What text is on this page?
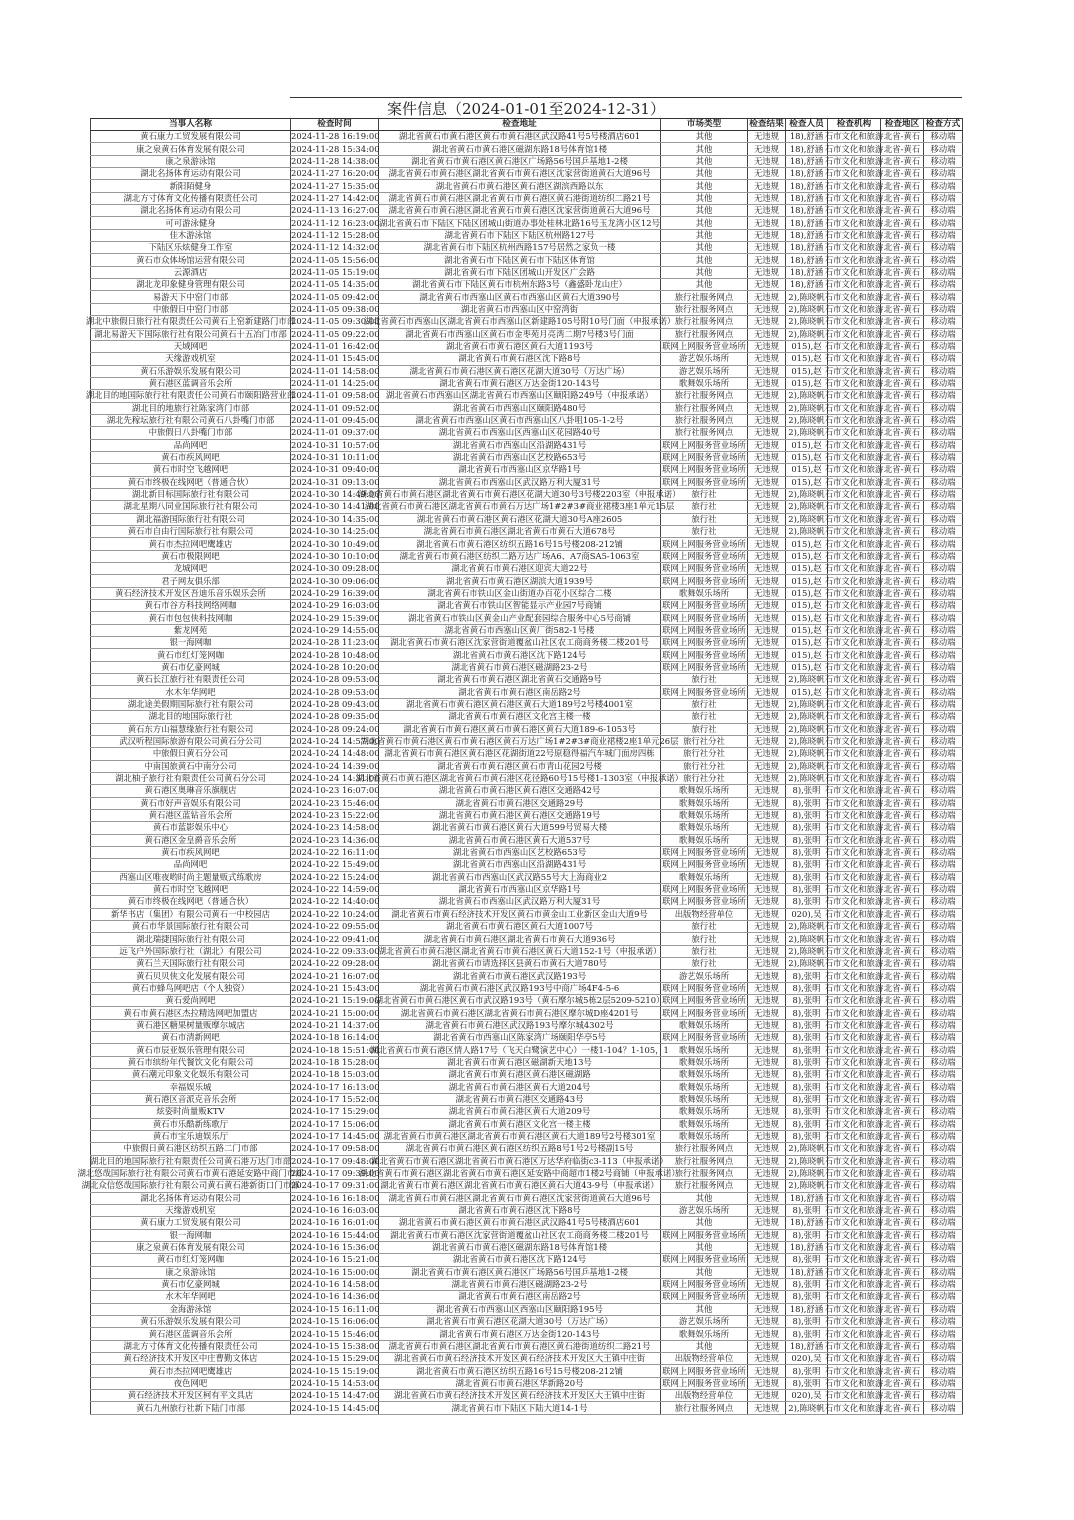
案件信息（2024-01-01至2024-12-31）
当事人名称	检查时间	检查地址	市场类型	检查结果	检查人员	检查机构	检查地区	检查方式

黄石康力工贸发展有限公司	2024-11-28 16:19:00	湖北省黄石市黄石港区黄石市黄石港区武汉路41号5号楼酒店601	其他	无违规	18),舒涵	石市文化和旅游	北省-黄石	移动端

康之泉黄石体育发展有限公司	2024-11-28 15:34:00	湖北省黄石市黄石港区磁湖东路18号体育馆1楼	其他	无违规	18),舒涵	石市文化和旅游	北省-黄石	移动端

康之泉游泳馆	2024-11-28 14:38:00	湖北省黄石市黄石港区黄石港区广场路56号国乒基地1-2楼	其他	无违规	18),舒涵	石市文化和旅游	北省-黄石	移动端

湖北名扬体育运动有限公司	2024-11-27 16:20:00	湖北省黄石市黄石港区湖北省黄石市黄石港区沈家营街道黄石大道96号	其他	无违规	18),舒涵	石市文化和旅游	北省-黄石	移动端

新阳陌健身	2024-11-27 15:35:00	湖北省黄石市黄石港区黄石港区湖滨西路以东	其他	无违规	18),舒涵	石市文化和旅游	北省-黄石	移动端

湖北方寸体育文化传播有限责任公司	2024-11-27 14:42:00	湖北省黄石市黄石港区湖北省黄石市黄石港区黄石港街道纺织二路21号	其他	无违规	18),舒涵	石市文化和旅游	北省-黄石	移动端

湖北名扬体育运动有限公司	2024-11-13 16:27:00	湖北省黄石市黄石港区湖北省黄石市黄石港区沈家营街道黄石大道96号	其他	无违规	18),舒涵	石市文化和旅游	北省-黄石	移动端

可可游泳健身	2024-11-12 16:23:00	湖北省黄石市下陆区下陆区团城山街道办事处桂林北路16号玉龙湾小区12号	其他	无违规	18),舒涵	石市文化和旅游	北省-黄石	移动端

佳木游泳馆	2024-11-12 15:28:00	湖北省黄石市下陆区下陆区杭州路127号	其他	无违规	18),舒涵	石市文化和旅游	北省-黄石	移动端

下陆区乐炫健身工作室	2024-11-12 14:32:00	湖北省黄石市下陆区杭州西路157号居然之家负一楼	其他	无违规	18),舒涵	石市文化和旅游	北省-黄石	移动端

黄石市众体场馆运营有限公司	2024-11-05 15:56:00	湖北省黄石市下陆区黄石市下陆区体育馆	其他	无违规	18),舒涵	石市文化和旅游	北省-黄石	移动端

云源酒店	2024-11-05 15:19:00	湖北省黄石市下陆区团城山开发区广会路	其他	无违规	18),舒涵	石市文化和旅游	北省-黄石	移动端

湖北龙印象健身管理有限公司	2024-11-05 14:35:00	湖北省黄石市下陆区黄石市杭州东路3号（鑫盛卧龙山庄）	其他	无违规	18),舒涵	石市文化和旅游	北省-黄石	移动端

易游天下中窑门市部	2024-11-05 09:42:00	湖北省黄石市西塞山区黄石市西塞山区黄石大道390号	旅行社服务网点	无违规	2),陈晓帆	石市文化和旅游	北省-黄石	移动端

中旅假日中窑门市部	2024-11-05 09:38:00	湖北省黄石市西塞山区中窑湾街	旅行社服务网点	无违规	2),陈晓帆	石市文化和旅游	北省-黄石	移动端

湖北中旅假日旅行社有限责任公司黄石上窑新建路门市部	2024-11-05 09:30:00	湖北省黄石市西塞山区湖北省黄石市西塞山区新建路105号附10号门面（申报承诺）	旅行社服务网点	无违规	2),陈晓帆	石市文化和旅游	北省-黄石	移动端

湖北易游天下国际旅行社有限公司黄石十五冶门市部	2024-11-05 09:22:00	湖北省黄石市西塞山区黄石市金枣苑月亮湾二期7号楼3号门面	旅行社服务网点	无违规	2),陈晓帆	石市文化和旅游	北省-黄石	移动端

天域网吧	2024-11-01 16:42:00	湖北省黄石市黄石港区黄石大道1193号	联网上网服务营业场所	无违规	015),赵	石市文化和旅游	北省-黄石	移动端

天缘游戏机室	2024-11-01 15:45:00	湖北省黄石市黄石港区沈下路8号	游艺娱乐场所	无违规	015),赵	石市文化和旅游	北省-黄石	移动端

黄石乐游娱乐发展有限公司	2024-11-01 14:58:00	湖北省黄石市黄石港区黄石港区花湖大道30号（万达广场）	游艺娱乐场所	无违规	015),赵	石市文化和旅游	北省-黄石	移动端

黄石港区蓝调音乐会所	2024-11-01 14:25:00	湖北省黄石市黄石港区万达金街120-143号	歌舞娱乐场所	无违规	015),赵	石市文化和旅游	北省-黄石	移动端

湖北目的地国际旅行社有限责任公司黄石市颐阳路营业部	2024-11-01 09:58:00	湖北省黄石市西塞山区湖北省黄石市西塞山区颐阳路249号（申报承诺）	旅行社服务网点	无违规	2),陈晓帆	石市文化和旅游	北省-黄石	移动端

湖北目的地旅行社陈家湾门市部	2024-11-01 09:52:00	湖北省黄石市西塞山区颐阳路480号	旅行社服务网点	无违规	2),陈晓帆	石市文化和旅游	北省-黄石	移动端

湖北先稼坛旅行社有限公司黄石八卦嘴门市部	2024-11-01 09:45:00	湖北省黄石市西塞山区黄石市西塞山区八卦咀105-1-2号	旅行社服务网点	无违规	2),陈晓帆	石市文化和旅游	北省-黄石	移动端

中旅假日八卦嘴门市部	2024-11-01 09:37:00	湖北省黄石市西塞山区西塞山区花园路40号	旅行社服务网点	无违规	2),陈晓帆	石市文化和旅游	北省-黄石	移动端

品尚网吧	2024-10-31 10:57:00	湖北省黄石市西塞山区沿湖路431号	联网上网服务营业场所	无违规	015),赵	石市文化和旅游	北省-黄石	移动端

黄石市疾风网吧	2024-10-31 10:11:00	湖北省黄石市西塞山区艺校路653号	联网上网服务营业场所	无违规	015),赵	石市文化和旅游	北省-黄石	移动端

黄石市时空飞越网吧	2024-10-31 09:40:00	湖北省黄石市西塞山区京华路1号	联网上网服务营业场所	无违规	015),赵	石市文化和旅游	北省-黄石	移动端

黄石市终极在线网吧（普通合伙）	2024-10-31 09:13:00	湖北省黄石市西塞山区武汉路万利大厦31号	联网上网服务营业场所	无违规	015),赵	石市文化和旅游	北省-黄石	移动端

湖北新目标国际旅行社有限公司	2024-10-30 14:49:00	湖北省黄石市黄石港区湖北省黄石市黄石港区花湖大道30号3号楼2203室（申报承诺）	旅行社	无违规	2),陈晓帆	石市文化和旅游	北省-黄石	移动端

湖北星期八同业国际旅行社有限公司	2024-10-30 14:41:00	湖北省黄石市黄石港区湖北省黄石市黄石万达广场1#2#3#商业裙楼3座1单元15层	旅行社	无违规	2),陈晓帆	石市文化和旅游	北省-黄石	移动端

湖北福游国际旅行社有限公司	2024-10-30 14:35:00	湖北省黄石市黄石港区黄石港区花湖大道30号A座2605	旅行社	无违规	2),陈晓帆	石市文化和旅游	北省-黄石	移动端

黄石市自由行国际旅行社有限公司	2024-10-30 14:25:00	湖北省黄石市黄石港区湖北省黄石市黄石大道678号	旅行社	无违规	2),陈晓帆	石市文化和旅游	北省-黄石	移动端

黄石市杰拉网吧鹰雄店	2024-10-30 10:49:00	湖北省黄石市黄石港区纺织五路16号15号楼208-212铺	联网上网服务营业场所	无违规	015),赵	石市文化和旅游	北省-黄石	移动端

黄石市极限网吧	2024-10-30 10:10:00	湖北省黄石市黄石港区纺织二路万达广场A6、A7商SA5-1063室	联网上网服务营业场所	无违规	015),赵	石市文化和旅游	北省-黄石	移动端

龙城网吧	2024-10-30 09:28:00	湖北省黄石市黄石港区迎宾大道22号	联网上网服务营业场所	无违规	015),赵	石市文化和旅游	北省-黄石	移动端

君子网友俱乐部	2024-10-30 09:06:00	湖北省黄石市黄石港区湖滨大道1939号	联网上网服务营业场所	无违规	015),赵	石市文化和旅游	北省-黄石	移动端

黄石经济技术开发区吾迪乐音乐娱乐会所	2024-10-29 16:39:00	湖北省黄石市铁山区金山街道办百花小区综合二楼	歌舞娱乐场所	无违规	015),赵	石市文化和旅游	北省-黄石	移动端

黄石市谷方科技网络网咖	2024-10-29 16:03:00	湖北省黄石市铁山区智能显示产业园7号商铺	联网上网服务营业场所	无违规	015),赵	石市文化和旅游	北省-黄石	移动端

黄石市包包侠科技网咖	2024-10-29 15:39:00	湖北省黄石市铁山区黄金山产业配套园综合服务中心5号商铺	联网上网服务营业场所	无违规	015),赵	石市文化和旅游	北省-黄石	移动端

紫龙网苑	2024-10-29 14:55:00	湖北省黄石市西塞山区黄厂街582-1号楼	联网上网服务营业场所	无违规	015),赵	石市文化和旅游	北省-黄石	移动端

银一海网咖	2024-10-28 11:23:00	湖北省黄石市黄石港区沈家营街道覆盆山社区农工商商务楼二楼201号	联网上网服务营业场所	无违规	015),赵	石市文化和旅游	北省-黄石	移动端

黄石市红灯笼网咖	2024-10-28 10:48:00	湖北省黄石市黄石港区沈下路124号	联网上网服务营业场所	无违规	015),赵	石市文化和旅游	北省-黄石	移动端

黄石市亿豪网城	2024-10-28 10:20:00	湖北省黄石市黄石港区磁湖路23-2号	联网上网服务营业场所	无违规	015),赵	石市文化和旅游	北省-黄石	移动端

黄石长江旅行社有限责任公司	2024-10-28 09:53:00	湖北省黄石市黄石港区湖北省黄石交通路9号	旅行社	无违规	2),陈晓帆	石市文化和旅游	北省-黄石	移动端

水木年华网吧	2024-10-28 09:53:00	湖北省黄石市黄石港区南岳路2号	联网上网服务营业场所	无违规	015),赵	石市文化和旅游	北省-黄石	移动端

湖北途美假期国际旅行社有限公司	2024-10-28 09:43:00	湖北省黄石市黄石港区黄石港区黄石大道189号2号楼4001室	旅行社	无违规	2),陈晓帆	石市文化和旅游	北省-黄石	移动端

湖北目的地国际旅行社	2024-10-28 09:35:00	湖北省黄石市黄石港区文化宫主楼一楼	旅行社	无违规	2),陈晓帆	石市文化和旅游	北省-黄石	移动端

黄石东方山福慧缘旅行社有限公司	2024-10-28 09:24:00	湖北省黄石市黄石港区黄石市黄石港区黄石大道189-6-1053号	旅行社	无违规	2),陈晓帆	石市文化和旅游	北省-黄石	移动端

武汉听程国际旅游有限公司黄石分公司	2024-10-24 14:57:00	湖北省黄石市黄石港区黄石市黄石港区黄石万达广场1#2#3#商业裙楼2座1单元26层	旅行社分社	无违规	2),陈晓帆	石市文化和旅游	北省-黄石	移动端

中旅假日黄石分公司	2024-10-24 14:48:00	湖北省黄石市黄石港区黄石港区花湖街道22号原稳得福汽车城门面房四栋	旅行社分社	无违规	2),陈晓帆	石市文化和旅游	北省-黄石	移动端

中南国旅黄石中南分公司	2024-10-24 14:39:00	湖北省黄石市黄石港区黄石市青山花园2号楼	旅行社分社	无违规	2),陈晓帆	石市文化和旅游	北省-黄石	移动端

湖北柚子旅行社有限责任公司黄石分公司	2024-10-24 14:31:00	湖北省黄石市黄石港区湖北省黄石市黄石港区花径路60号15号楼1-1303室（申报承诺）	旅行社分社	无违规	2),陈晓帆	石市文化和旅游	北省-黄石	移动端

黄石港区奥琳音乐旗舰店	2024-10-23 16:07:00	湖北省黄石市黄石港区黄石港区交通路42号	歌舞娱乐场所	无违规	8),张明	石市文化和旅游	北省-黄石	移动端

黄石市好声音娱乐有限公司	2024-10-23 15:46:00	湖北省黄石市黄石港区交通路29号	歌舞娱乐场所	无违规	8),张明	石市文化和旅游	北省-黄石	移动端

黄石港区蓝钻音乐会所	2024-10-23 15:22:00	湖北省黄石市黄石港区黄石港区交通路19号	歌舞娱乐场所	无违规	8),张明	石市文化和旅游	北省-黄石	移动端

黄石市蓝影娱乐中心	2024-10-23 14:58:00	湖北省黄石市黄石港区黄石大道599号贸易大楼	歌舞娱乐场所	无违规	8),张明	石市文化和旅游	北省-黄石	移动端

黄石港区金皇爵音乐会所	2024-10-23 14:36:00	湖北省黄石市黄石港区黄石大道537号	歌舞娱乐场所	无违规	8),张明	石市文化和旅游	北省-黄石	移动端

黄石市疾风网吧	2024-10-22 16:11:00	湖北省黄石市西塞山区艺校路653号	联网上网服务营业场所	无违规	8),张明	石市文化和旅游	北省-黄石	移动端

品尚网吧	2024-10-22 15:49:00	湖北省黄石市西塞山区沿湖路431号	联网上网服务营业场所	无违规	8),张明	石市文化和旅游	北省-黄石	移动端

西塞山区唯夜哟时尚主题量贩式练歌房	2024-10-22 15:24:00	湖北省黄石市西塞山区武汉路55号大上海商业2	歌舞娱乐场所	无违规	8),张明	石市文化和旅游	北省-黄石	移动端

黄石市时空飞越网吧	2024-10-22 14:59:00	湖北省黄石市西塞山区京华路1号	联网上网服务营业场所	无违规	8),张明	石市文化和旅游	北省-黄石	移动端

黄石市终极在线网吧（普通合伙）	2024-10-22 14:40:00	湖北省黄石市西塞山区武汉路万利大厦31号	联网上网服务营业场所	无违规	8),张明	石市文化和旅游	北省-黄石	移动端

新华书店（集团）有限公司黄石一中校园店	2024-10-22 10:24:00	湖北省黄石市黄石经济技术开发区黄石市黄金山工业新区金山大道9号	出版物经营单位	无违规	020),吴	石市文化和旅游	北省-黄石	移动端

黄石市华景国际旅行社有限公司	2024-10-22 09:55:00	湖北省黄石市黄石港区黄石大道1007号	旅行社	无违规	2),陈晓帆	石市文化和旅游	北省-黄石	移动端

湖北瑞捷国际旅行社有限公司	2024-10-22 09:41:00	湖北省黄石市黄石港区湖北省黄石市黄石大道936号	旅行社	无违规	2),陈晓帆	石市文化和旅游	北省-黄石	移动端

远飞户外国际旅行社（湖北）有限公司	2024-10-22 09:33:00	湖北省黄石市黄石港区湖北省黄石市黄石港区黄石大道152-1号（申报承诺）	旅行社	无违规	2),陈晓帆	石市文化和旅游	北省-黄石	移动端

黄石兰天国际旅行社有限公司	2024-10-22 09:28:00	湖北省黄石市请选择区县黄石市黄石大道780号	旅行社	无违规	2),陈晓帆	石市文化和旅游	北省-黄石	移动端

黄石贝贝侠文化发展有限公司	2024-10-21 16:07:00	湖北省黄石市黄石港区武汉路193号	游艺娱乐场所	无违规	8),张明	石市文化和旅游	北省-黄石	移动端

黄石市蜂鸟网吧店（个人独资）	2024-10-21 15:43:00	湖北省黄石市黄石港区武汉路193号中商广场4F4-5-6	联网上网服务营业场所	无违规	8),张明	石市文化和旅游	北省-黄石	移动端

黄石爱尚网吧	2024-10-21 15:19:00	湖北省黄石市黄石港区黄石市武汉路193号（黄石摩尔城5栋2层5209-5210）	联网上网服务营业场所	无违规	8),张明	石市文化和旅游	北省-黄石	移动端

黄石市黄石港区杰拉精选网吧加盟店	2024-10-21 15:00:00	湖北省黄石市黄石港区湖北省黄石市黄石港区摩尔城D座4201号	联网上网服务营业场所	无违规	8),张明	石市文化和旅游	北省-黄石	移动端

黄石港区糖果树量贩摩尔城店	2024-10-21 14:37:00	湖北省黄石市黄石港区武汉路193号摩尔城4302号	歌舞娱乐场所	无违规	8),张明	石市文化和旅游	北省-黄石	移动端

黄石市清新网吧	2024-10-18 16:14:00	湖北省黄石市西塞山区陈家湾广场颐阳华亭5号	联网上网服务营业场所	无违规	8),张明	石市文化和旅游	北省-黄石	移动端

黄石市辰亚娱乐管理有限公司	2024-10-18 15:51:00	湖北省黄石市黄石港区情人路17号（飞天白鹭演艺中心）一楼1-104？1-105，1	歌舞娱乐场所	无违规	8),张明	石市文化和旅游	北省-黄石	移动端

黄石市缤纷年代餐饮文化有限公司	2024-10-18 15:28:00	湖北省黄石市黄石港区磁湖新天地13号	歌舞娱乐场所	无违规	8),张明	石市文化和旅游	北省-黄石	移动端

黄石潮元印象文化娱乐有限公司	2024-10-18 15:03:00	湖北省黄石市黄石港区黄石港区磁湖路	歌舞娱乐场所	无违规	8),张明	石市文化和旅游	北省-黄石	移动端

幸福娱乐城	2024-10-17 16:13:00	湖北省黄石市黄石港区黄石大道204号	歌舞娱乐场所	无违规	8),张明	石市文化和旅游	北省-黄石	移动端

黄石港区音派克音乐会所	2024-10-17 15:52:00	湖北省黄石市黄石港区交通路43号	歌舞娱乐场所	无违规	8),张明	石市文化和旅游	北省-黄石	移动端

炫姿时尚量贩KTV	2024-10-17 15:29:00	湖北省黄石市黄石港区黄石大道209号	歌舞娱乐场所	无违规	8),张明	石市文化和旅游	北省-黄石	移动端

黄石市乐酷新练歌厅	2024-10-17 15:06:00	湖北省黄石市黄石港区文化宫一楼主楼	歌舞娱乐场所	无违规	8),张明	石市文化和旅游	北省-黄石	移动端

黄石市宝乐迪娱乐厅	2024-10-17 14:45:00	湖北省黄石市黄石港区湖北省黄石市黄石港区黄石大道189号2号楼301室	歌舞娱乐场所	无违规	8),张明	石市文化和旅游	北省-黄石	移动端

中旅假日黄石港区纺织五路二门市部	2024-10-17 09:58:00	湖北省黄石市黄石港区黄石港区纺织五路8号1号2号楼副15号	旅行社服务网点	无违规	2),陈晓帆	石市文化和旅游	北省-黄石	移动端

湖北目的地国际旅行社有限责任公司黄石港万达门市部	2024-10-17 09:48:00	湖北省黄石市黄石港区湖北省黄石市黄石港区万达华府临街c3-113（申报承诺）	旅行社服务网点	无违规	2),陈晓帆	石市文化和旅游	北省-黄石	移动端

湖北悠哉国际旅行社有限公司黄石市黄石港延安路中商门市部	2024-10-17 09:39:00	湖北省黄石市黄石港区湖北省黄石市黄石港区延安路中商超市1楼2号商铺（申报承诺）	旅行社服务网点	无违规	2),陈晓帆	石市文化和旅游	北省-黄石	移动端

湖北众信悠哉国际旅行社有限公司黄石黄石港新街口门市部	2024-10-17 09:31:00	湖北省黄石市黄石港区湖北省黄石市黄石港区黄石大道43-9号（申报承诺）	旅行社服务网点	无违规	2),陈晓帆	石市文化和旅游	北省-黄石	移动端

湖北名扬体育运动有限公司	2024-10-16 16:18:00	湖北省黄石市黄石港区湖北省黄石市黄石港区沈家营街道黄石大道96号	其他	无违规	18),舒涵	石市文化和旅游	北省-黄石	移动端

天缘游戏机室	2024-10-16 16:03:00	湖北省黄石市黄石港区沈下路8号	游艺娱乐场所	无违规	8),张明	石市文化和旅游	北省-黄石	移动端

黄石康力工贸发展有限公司	2024-10-16 16:01:00	湖北省黄石市黄石港区黄石市黄石港区武汉路41号5号楼酒店601	其他	无违规	18),舒涵	石市文化和旅游	北省-黄石	移动端

银一海网咖	2024-10-16 15:44:00	湖北省黄石市黄石港区沈家营街道覆盆山社区农工商商务楼二楼201号	联网上网服务营业场所	无违规	8),张明	石市文化和旅游	北省-黄石	移动端

康之泉黄石体育发展有限公司	2024-10-16 15:36:00	湖北省黄石市黄石港区磁湖东路18号体育馆1楼	其他	无违规	18),舒涵	石市文化和旅游	北省-黄石	移动端

黄石市红灯笼网咖	2024-10-16 15:21:00	湖北省黄石市黄石港区沈下路124号	联网上网服务营业场所	无违规	8),张明	石市文化和旅游	北省-黄石	移动端

康之泉游泳馆	2024-10-16 15:00:00	湖北省黄石市黄石港区黄石港区广场路56号国乒基地1-2楼	其他	无违规	18),舒涵	石市文化和旅游	北省-黄石	移动端

黄石市亿豪网城	2024-10-16 14:58:00	湖北省黄石市黄石港区磁湖路23-2号	联网上网服务营业场所	无违规	8),张明	石市文化和旅游	北省-黄石	移动端

水木年华网吧	2024-10-16 14:36:00	湖北省黄石市黄石港区南岳路2号	联网上网服务营业场所	无违规	8),张明	石市文化和旅游	北省-黄石	移动端

金海游泳馆	2024-10-15 16:11:00	湖北省黄石市西塞山区西塞山区颐阳路195号	其他	无违规	18),舒涵	石市文化和旅游	北省-黄石	移动端

黄石乐游娱乐发展有限公司	2024-10-15 16:06:00	湖北省黄石市黄石港区花湖大道30号（万达广场）	游艺娱乐场所	无违规	8),张明	石市文化和旅游	北省-黄石	移动端

黄石港区蓝调音乐会所	2024-10-15 15:46:00	湖北省黄石市黄石港区万达金街120-143号	歌舞娱乐场所	无违规	8),张明	石市文化和旅游	北省-黄石	移动端

湖北方寸体育文化传播有限责任公司	2024-10-15 15:38:00	湖北省黄石市黄石港区湖北省黄石市黄石港区黄石港街道纺织二路21号	其他	无违规	18),舒涵	石市文化和旅游	北省-黄石	移动端

黄石经济技术开发区中庄曹勤文体店	2024-10-15 15:29:00	湖北省黄石市黄石经济技术开发区黄石经济技术开发区大王镇中庄街	出版物经营单位	无违规	020),吴	石市文化和旅游	北省-黄石	移动端

黄石市杰拉网吧鹰雄店	2024-10-15 15:19:00	湖北省黄石市黄石港区纺织五路16号15号楼208-212铺	联网上网服务营业场所	无违规	8),张明	石市文化和旅游	北省-黄石	移动端

夜色网吧	2024-10-15 14:53:00	湖北省黄石市黄石港区华新路20号	联网上网服务营业场所	无违规	8),张明	石市文化和旅游	北省-黄石	移动端

黄石经济技术开发区柯有平文具店	2024-10-15 14:47:00	湖北省黄石市黄石经济技术开发区黄石经济技术开发区大王镇中庄街	出版物经营单位	无违规	020),吴	石市文化和旅游	北省-黄石	移动端

黄石九州旅行社新下陆门市部	2024-10-15 14:45:00	湖北省黄石市下陆区下陆大道14-1号	旅行社服务网点	无违规	2),陈晓帆	石市文化和旅游	北省-黄石	移动端
